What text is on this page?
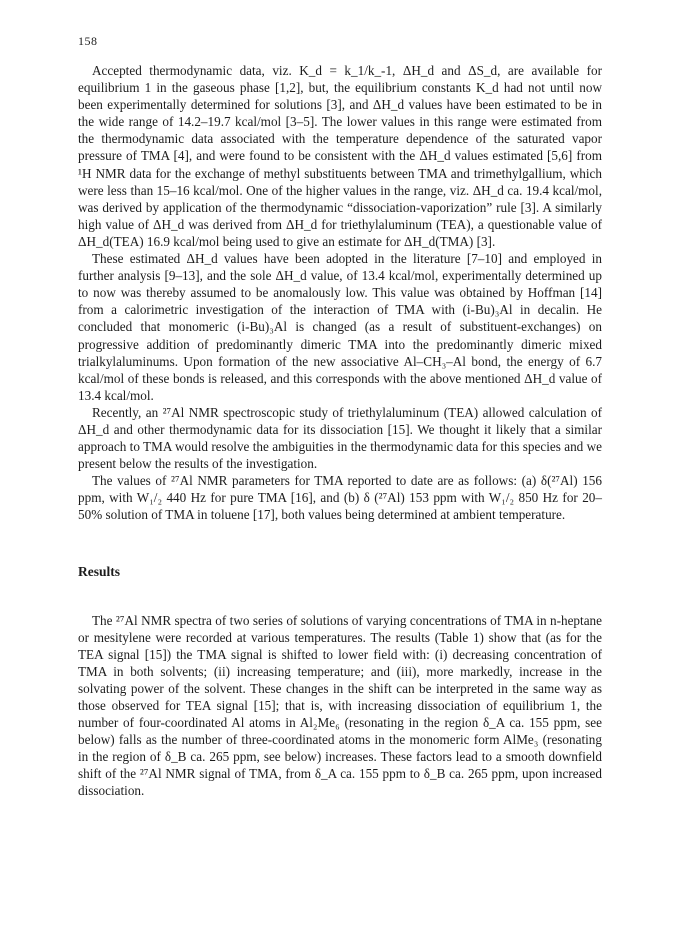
158

Accepted thermodynamic data, viz. K_d = k_1/k_-1, ΔH_d and ΔS_d, are available for equilibrium 1 in the gaseous phase [1,2], but, the equilibrium constants K_d had not until now been experimentally determined for solutions [3], and ΔH_d values have been estimated to be in the wide range of 14.2–19.7 kcal/mol [3–5]. The lower values in this range were estimated from the thermodynamic data associated with the temperature dependence of the saturated vapor pressure of TMA [4], and were found to be consistent with the ΔH_d values estimated [5,6] from ¹H NMR data for the exchange of methyl substituents between TMA and trimethylgallium, which were less than 15–16 kcal/mol. One of the higher values in the range, viz. ΔH_d ca. 19.4 kcal/mol, was derived by application of the thermodynamic “dissociation-vaporization” rule [3]. A similarly high value of ΔH_d was derived from ΔH_d for triethylaluminum (TEA), a questionable value of ΔH_d(TEA) 16.9 kcal/mol being used to give an estimate for ΔH_d(TMA) [3].

These estimated ΔH_d values have been adopted in the literature [7–10] and employed in further analysis [9–13], and the sole ΔH_d value, of 13.4 kcal/mol, experimentally determined up to now was thereby assumed to be anomalously low. This value was obtained by Hoffman [14] from a calorimetric investigation of the interaction of TMA with (i-Bu)₃Al in decalin. He concluded that monomeric (i-Bu)₃Al is changed (as a result of substituent-exchanges) on progressive addition of predominantly dimeric TMA into the predominantly dimeric mixed trialkylaluminums. Upon formation of the new associative Al–CH₃–Al bond, the energy of 6.7 kcal/mol of these bonds is released, and this corresponds with the above mentioned ΔH_d value of 13.4 kcal/mol.

Recently, an ²⁷Al NMR spectroscopic study of triethylaluminum (TEA) allowed calculation of ΔH_d and other thermodynamic data for its dissociation [15]. We thought it likely that a similar approach to TMA would resolve the ambiguities in the thermodynamic data for this species and we present below the results of the investigation.

The values of ²⁷Al NMR parameters for TMA reported to date are as follows: (a) δ(²⁷Al) 156 ppm, with W₁/₂ 440 Hz for pure TMA [16], and (b) δ (²⁷Al) 153 ppm with W₁/₂ 850 Hz for 20–50% solution of TMA in toluene [17], both values being determined at ambient temperature.

Results

The ²⁷Al NMR spectra of two series of solutions of varying concentrations of TMA in n-heptane or mesitylene were recorded at various temperatures. The results (Table 1) show that (as for the TEA signal [15]) the TMA signal is shifted to lower field with: (i) decreasing concentration of TMA in both solvents; (ii) increasing temperature; and (iii), more markedly, increase in the solvating power of the solvent. These changes in the shift can be interpreted in the same way as those observed for TEA signal [15]; that is, with increasing dissociation of equilibrium 1, the number of four-coordinated Al atoms in Al₂Me₆ (resonating in the region δ_A ca. 155 ppm, see below) falls as the number of three-coordinated atoms in the monomeric form AlMe₃ (resonating in the region of δ_B ca. 265 ppm, see below) increases. These factors lead to a smooth downfield shift of the ²⁷Al NMR signal of TMA, from δ_A ca. 155 ppm to δ_B ca. 265 ppm, upon increased dissociation.
